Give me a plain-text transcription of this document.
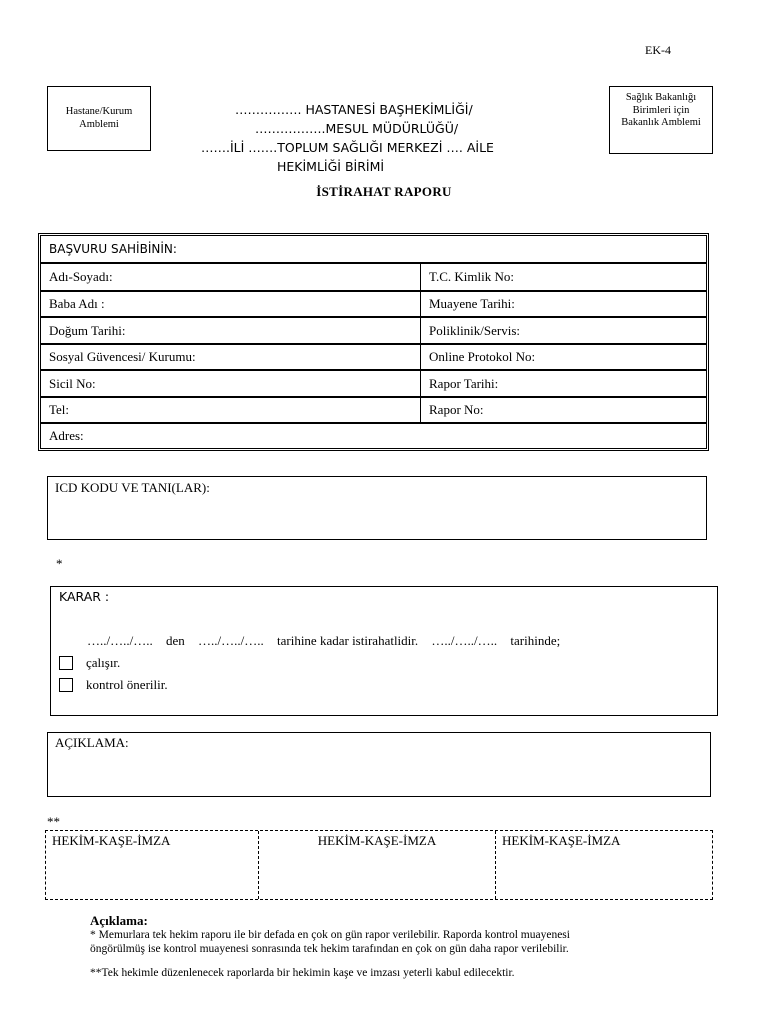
EK-4
Hastane/Kurum Amblemi
……………. HASTANESİ BAŞHEKİMLİĞİ/
……………..MESUL MÜDÜRLÜĞÜ/
…….İLİ …….TOPLUM SAĞLIĞI MERKEZİ …. AİLE
HEKİMLİĞİ BİRİMİ
Sağlık Bakanlığı Birimleri için Bakanlık Amblemi
İSTİRAHAT RAPORU
BAŞVURU SAHİBİNİN:
Adı-Soyadı:	T.C. Kimlik No:
Baba Adı :	Muayene Tarihi:
Doğum Tarihi:	Poliklinik/Servis:
Sosyal Güvencesi/ Kurumu:	Online Protokol No:
Sicil No:	Rapor Tarihi:
Tel:	Rapor No:
Adres:
ICD KODU VE TANI(LAR):
*
KARAR :
…../…../….. den …../…../….. tarihine kadar istirahatlidir. …../…../….. tarihinde;
çalışır.
kontrol önerilir.
AÇIKLAMA:
**
HEKİM-KAŞE-İMZA	HEKİM-KAŞE-İMZA	HEKİM-KAŞE-İMZA
Açıklama:
* Memurlara tek hekim raporu ile bir defada en çok on gün rapor verilebilir. Raporda kontrol muayenesi
öngörülmüş ise kontrol muayenesi sonrasında tek hekim tarafından en çok on gün daha rapor verilebilir.
**Tek hekimle düzenlenecek raporlarda bir hekimin kaşe ve imzası yeterli kabul edilecektir.
